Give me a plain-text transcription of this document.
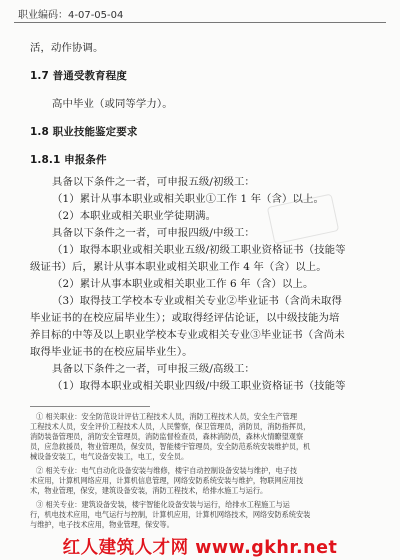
职业编码：4-07-05-04
活，动作协调。
1.7 普通受教育程度
高中毕业（或同等学力）。
1.8 职业技能鉴定要求
1.8.1 申报条件
具备以下条件之一者，可申报五级/初级工：
（1）累计从事本职业或相关职业①工作 1 年（含）以上。
（2）本职业或相关职业学徒期满。
具备以下条件之一者，可申报四级/中级工：
（1）取得本职业或相关职业五级/初级工职业资格证书（技能等
级证书）后，累计从事本职业或相关职业工作 4 年（含）以上。
（2）累计从事本职业或相关职业工作 6 年（含）以上。
（3）取得技工学校本专业或相关专业②毕业证书（含尚未取得
毕业证书的在校应届毕业生）；或取得经评估论证，以中级技能为培
养目标的中等及以上职业学校本专业或相关专业③毕业证书（含尚未
取得毕业证书的在校应届毕业生）。
具备以下条件之一者，可申报三级/高级工：
（1）取得本职业或相关职业四级/中级工职业资格证书（技能等
① 相关职业：安全防范设计评估工程技术人员，消防工程技术人员，安全生产管理
工程技术人员，安全评价工程技术人员，人民警察，保卫管理员，消防员，消防指挥员，
消防装备管理员，消防安全管理员，消防监督检查员，森林消防员，森林火情瞭望观察
员，应急救援员，物业管理员，保安员，智能楼宇管理员，安全防范系统安装维护员，机
械设备安装工，电气设备安装工，电工，安全员。
② 相关专业：电气自动化设备安装与维修，楼宇自动控制设备安装与维护，电子技
术应用，计算机网络应用，计算机信息管理，网络安防系统安装与维护，物联网应用技
术，物业管理，保安，建筑设备安装，消防工程技术，给排水施工与运行。
③ 相关专业：建筑设备安装，楼宇智能化设备安装与运行，给排水工程施工与运
行，机电技术应用，电气运行与控制，计算机应用，计算机网络技术，网络安防系统安装
与维护，电子技术应用，物业管理，保安等。
红人建筑人才网 www.gkhr.net
